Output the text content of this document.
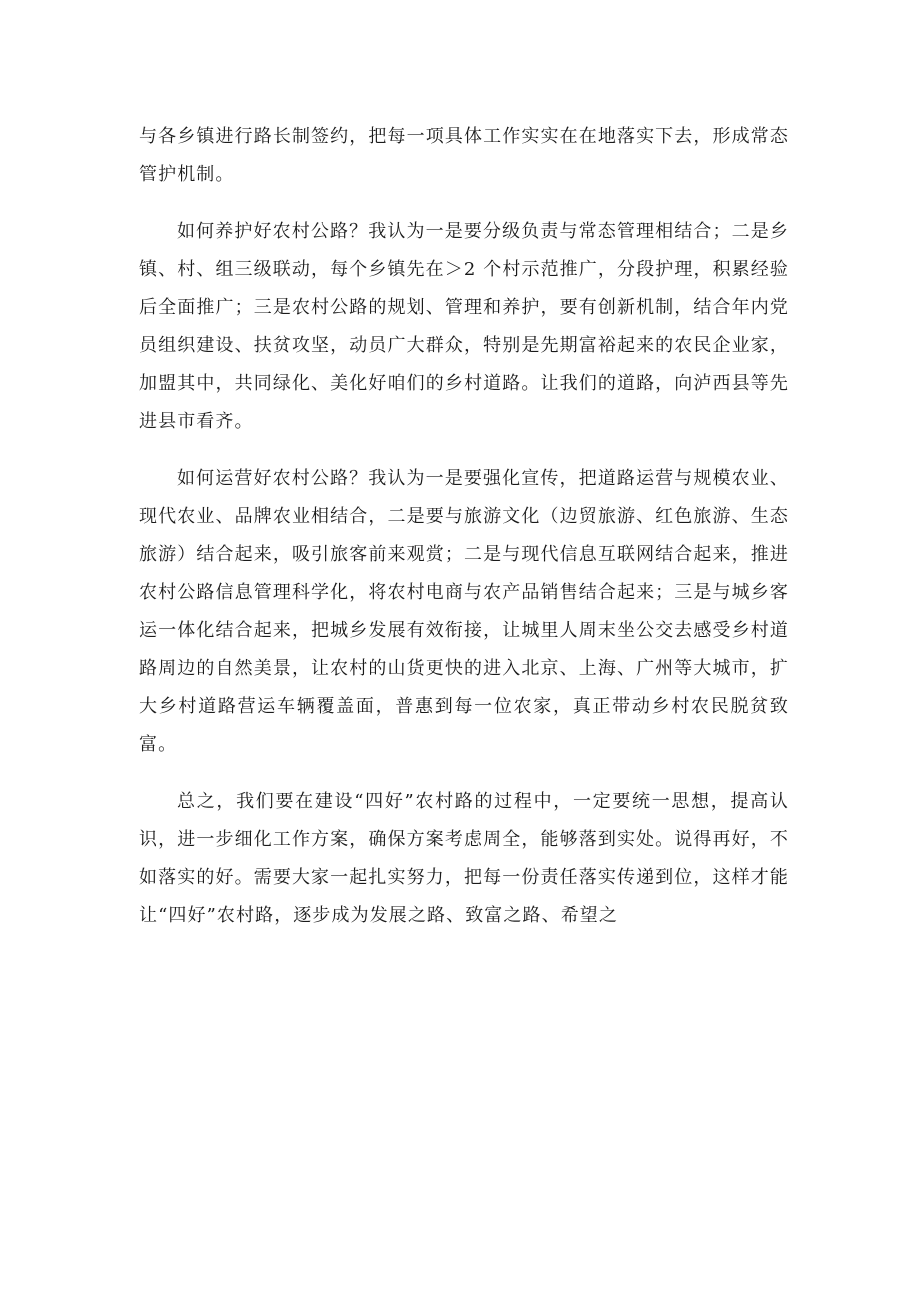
与各乡镇进行路长制签约，把每一项具体工作实实在在地落实下去，形成常态管护机制。

如何养护好农村公路？我认为一是要分级负责与常态管理相结合；二是乡镇、村、组三级联动，每个乡镇先在＞2 个村示范推广，分段护理，积累经验后全面推广；三是农村公路的规划、管理和养护，要有创新机制，结合年内党员组织建设、扶贫攻坚，动员广大群众，特别是先期富裕起来的农民企业家，加盟其中，共同绿化、美化好咱们的乡村道路。让我们的道路，向泸西县等先进县市看齐。

如何运营好农村公路？我认为一是要强化宣传，把道路运营与规模农业、现代农业、品牌农业相结合，二是要与旅游文化（边贸旅游、红色旅游、生态旅游）结合起来，吸引旅客前来观赏；二是与现代信息互联网结合起来，推进农村公路信息管理科学化，将农村电商与农产品销售结合起来；三是与城乡客运一体化结合起来，把城乡发展有效衔接，让城里人周末坐公交去感受乡村道路周边的自然美景，让农村的山货更快的进入北京、上海、广州等大城市，扩大乡村道路营运车辆覆盖面，普惠到每一位农家，真正带动乡村农民脱贫致富。

总之，我们要在建设“四好”农村路的过程中，一定要统一思想，提高认识，进一步细化工作方案，确保方案考虑周全，能够落到实处。说得再好，不如落实的好。需要大家一起扎实努力，把每一份责任落实传递到位，这样才能让“四好”农村路，逐步成为发展之路、致富之路、希望之
